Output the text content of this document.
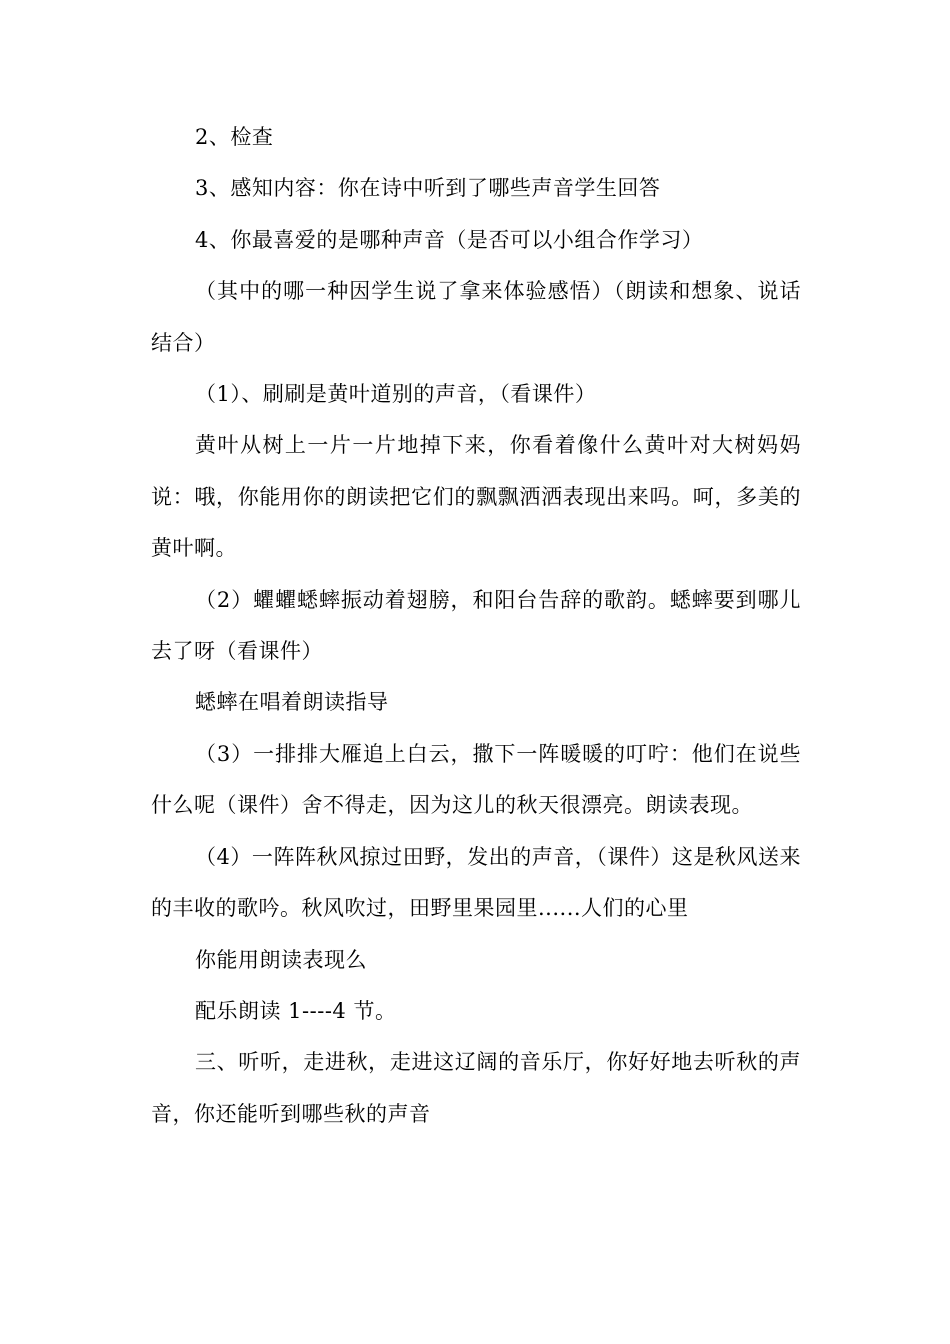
2、检查

3、感知内容：你在诗中听到了哪些声音学生回答

4、你最喜爱的是哪种声音（是否可以小组合作学习）

（其中的哪一种因学生说了拿来体验感悟）（朗读和想象、说话结合）

（1）、刷刷是黄叶道别的声音，（看课件）

黄叶从树上一片一片地掉下来，你看着像什么黄叶对大树妈妈说：哦，你能用你的朗读把它们的飘飘洒洒表现出来吗。呵，多美的黄叶啊。

（2）蠷蠷蟋蟀振动着翅膀，和阳台告辞的歌韵。蟋蟀要到哪儿去了呀（看课件）

蟋蟀在唱着朗读指导

（3）一排排大雁追上白云，撒下一阵暖暖的叮咛：他们在说些什么呢（课件）舍不得走，因为这儿的秋天很漂亮。朗读表现。

（4）一阵阵秋风掠过田野，发出的声音，（课件）这是秋风送来的丰收的歌吟。秋风吹过，田野里果园里......人们的心里

你能用朗读表现么

配乐朗读 1----4 节。

三、听听，走进秋，走进这辽阔的音乐厅，你好好地去听秋的声音，你还能听到哪些秋的声音
